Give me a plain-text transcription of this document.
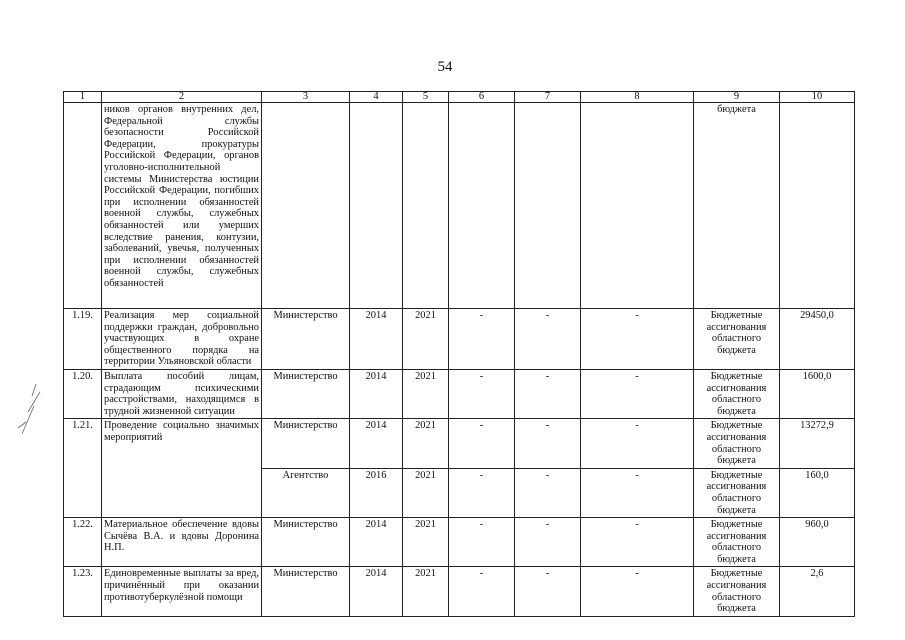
54
1	2	3	4	5	6	7	8	9	10
	ников органов внутренних дел, Федеральной службы безопасности Российской Федерации, прокуратуры Российской Федерации, органов уголовно-исполнительной системы Министерства юстиции Российской Федерации, погибших при исполнении обязанностей военной службы, служебных обязанностей или умерших вследствие ранения, контузии, заболеваний, увечья, полученных при исполнении обязанностей военной службы, служебных обязанностей							бюджета	
1.19.	Реализация мер социальной поддержки граждан, добровольно участвующих в охране общественного порядка на территории Ульяновской области	Министерство	2014	2021	-	-	-	Бюджетные ассигнования областного бюджета	29450,0
1.20.	Выплата пособий лицам, страдающим психическими расстройствами, находящимся в трудной жизненной ситуации	Министерство	2014	2021	-	-	-	Бюджетные ассигнования областного бюджета	1600,0
1.21.	Проведение социально значимых мероприятий	Министерство	2014	2021	-	-	-	Бюджетные ассигнования областного бюджета	13272,9
		Агентство	2016	2021	-	-	-	Бюджетные ассигнования областного бюджета	160,0
1.22.	Материальное обеспечение вдовы Сычёва В.А. и вдовы Доронина Н.П.	Министерство	2014	2021	-	-	-	Бюджетные ассигнования областного бюджета	960,0
1.23.	Единовременные выплаты за вред, причинённый при оказании противотуберкулёзной помощи	Министерство	2014	2021	-	-	-	Бюджетные ассигнования областного бюджета	2,6
